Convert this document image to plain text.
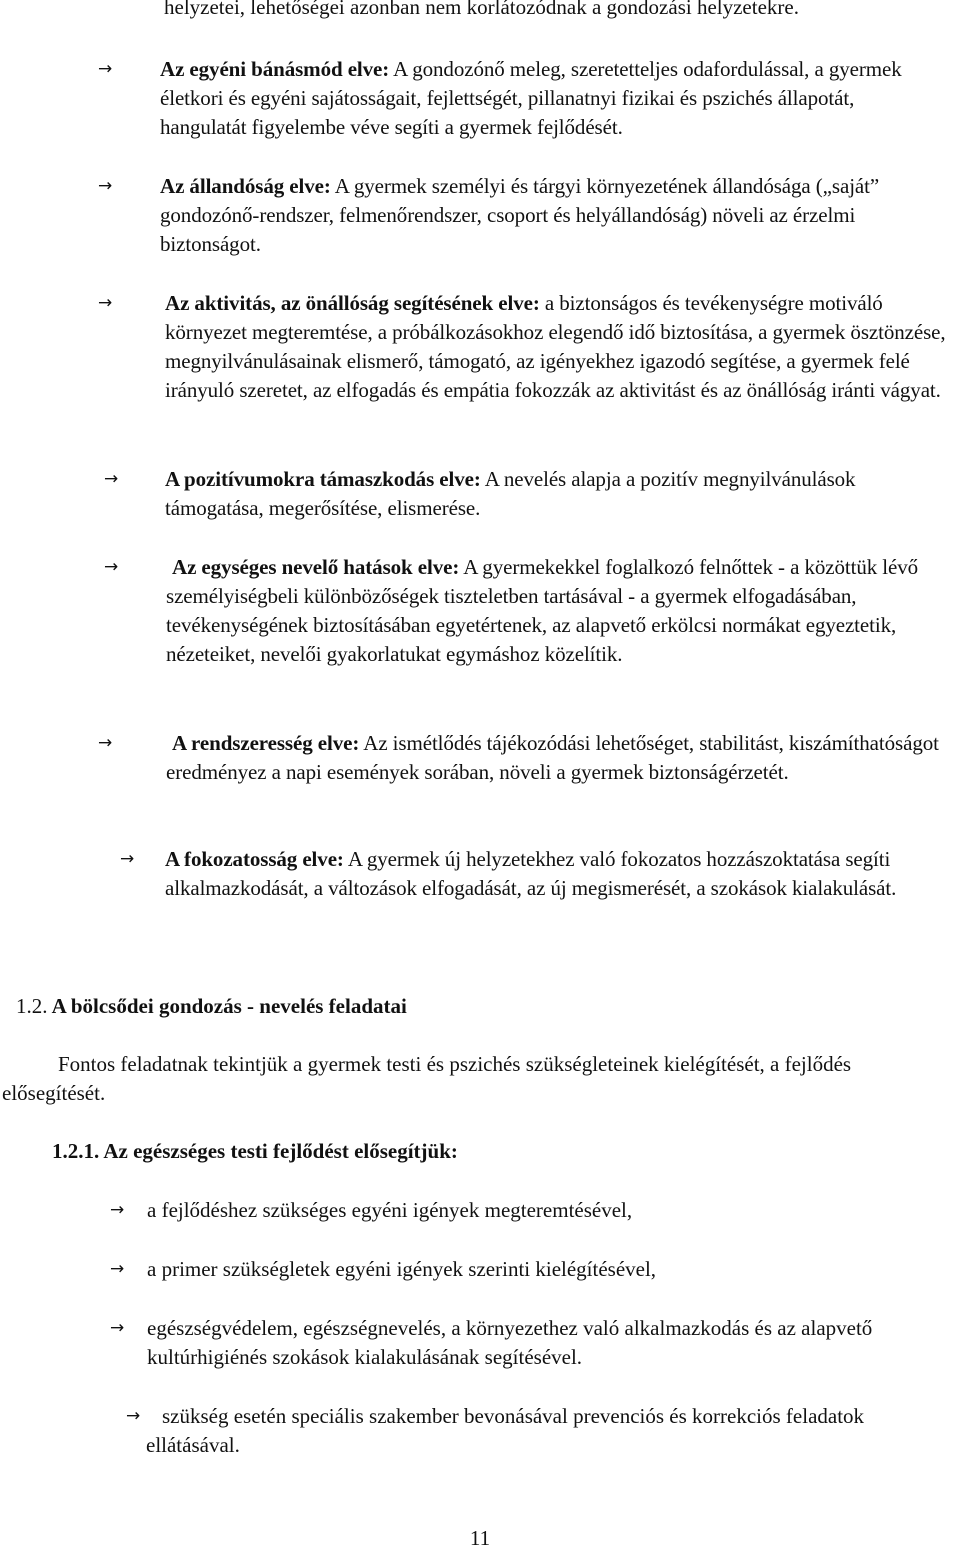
helyzetei, lehetőségei azonban nem korlátozódnak a gondozási helyzetekre.
→ Az egyéni bánásmód elve: A gondozónő meleg, szeretetteljes odafordulással, a gyermek életkori és egyéni sajátosságait, fejlettségét, pillanatnyi fizikai és pszichés állapotát, hangulatát figyelembe véve segíti a gyermek fejlődését.
→ Az állandóság elve: A gyermek személyi és tárgyi környezetének állandósága („saját” gondozónő-rendszer, felmenőrendszer, csoport és helyállandóság) növeli az érzelmi biztonságot.
→	Az aktivitás, az önállóság segítésének elve: a biztonságos és tevékenységre motiváló környezet megteremtése, a próbálkozásokhoz elegendő idő biztosítása, a gyermek ösztönzése, megnyilvánulásainak elismerő, támogató, az igényekhez igazodó segítése, a gyermek felé irányuló szeretet, az elfogadás és empátia fokozzák az aktivitást és az önállóság iránti vágyat.
→ A pozitívumokra támaszkodás elve: A nevelés alapja a pozitív megnyilvánulások támogatása, megerősítése, elismerése.
→	Az egységes nevelő hatások elve: A gyermekekkel foglalkozó felnőttek - a közöttük lévő személyiségbeli különbözőségek tiszteletben tartásával - a gyermek elfogadásában, tevékenységének biztosításában egyetértenek, az alapvető erkölcsi normákat egyeztetik, nézeteiket, nevelői gyakorlatukat egymáshoz közelítik.
→	A rendszeresség elve: Az ismétlődés tájékozódási lehetőséget, stabilitást, kiszámíthatóságot eredményez a napi események sorában, növeli a gyermek biztonságérzetét.
→ A fokozatosság elve: A gyermek új helyzetekhez való fokozatos hozzászoktatása segíti alkalmazkodását, a változások elfogadását, az új megismerését, a szokások kialakulását.
1.2. A bölcsődei gondozás - nevelés feladatai
Fontos feladatnak tekintjük a gyermek testi és pszichés szükségleteinek kielégítését, a fejlődés elősegítését.
1.2.1. Az egészséges testi fejlődést elősegítjük:
→ a fejlődéshez szükséges egyéni igények megteremtésével,
→ a primer szükségletek egyéni igények szerinti kielégítésével,
→ egészségvédelem, egészségnevelés, a környezethez való alkalmazkodás és az alapvető kultúrhigiénés szokások kialakulásának segítésével.
→	szükség esetén speciális szakember bevonásával prevenciós és korrekciós feladatok ellátásával.
11
